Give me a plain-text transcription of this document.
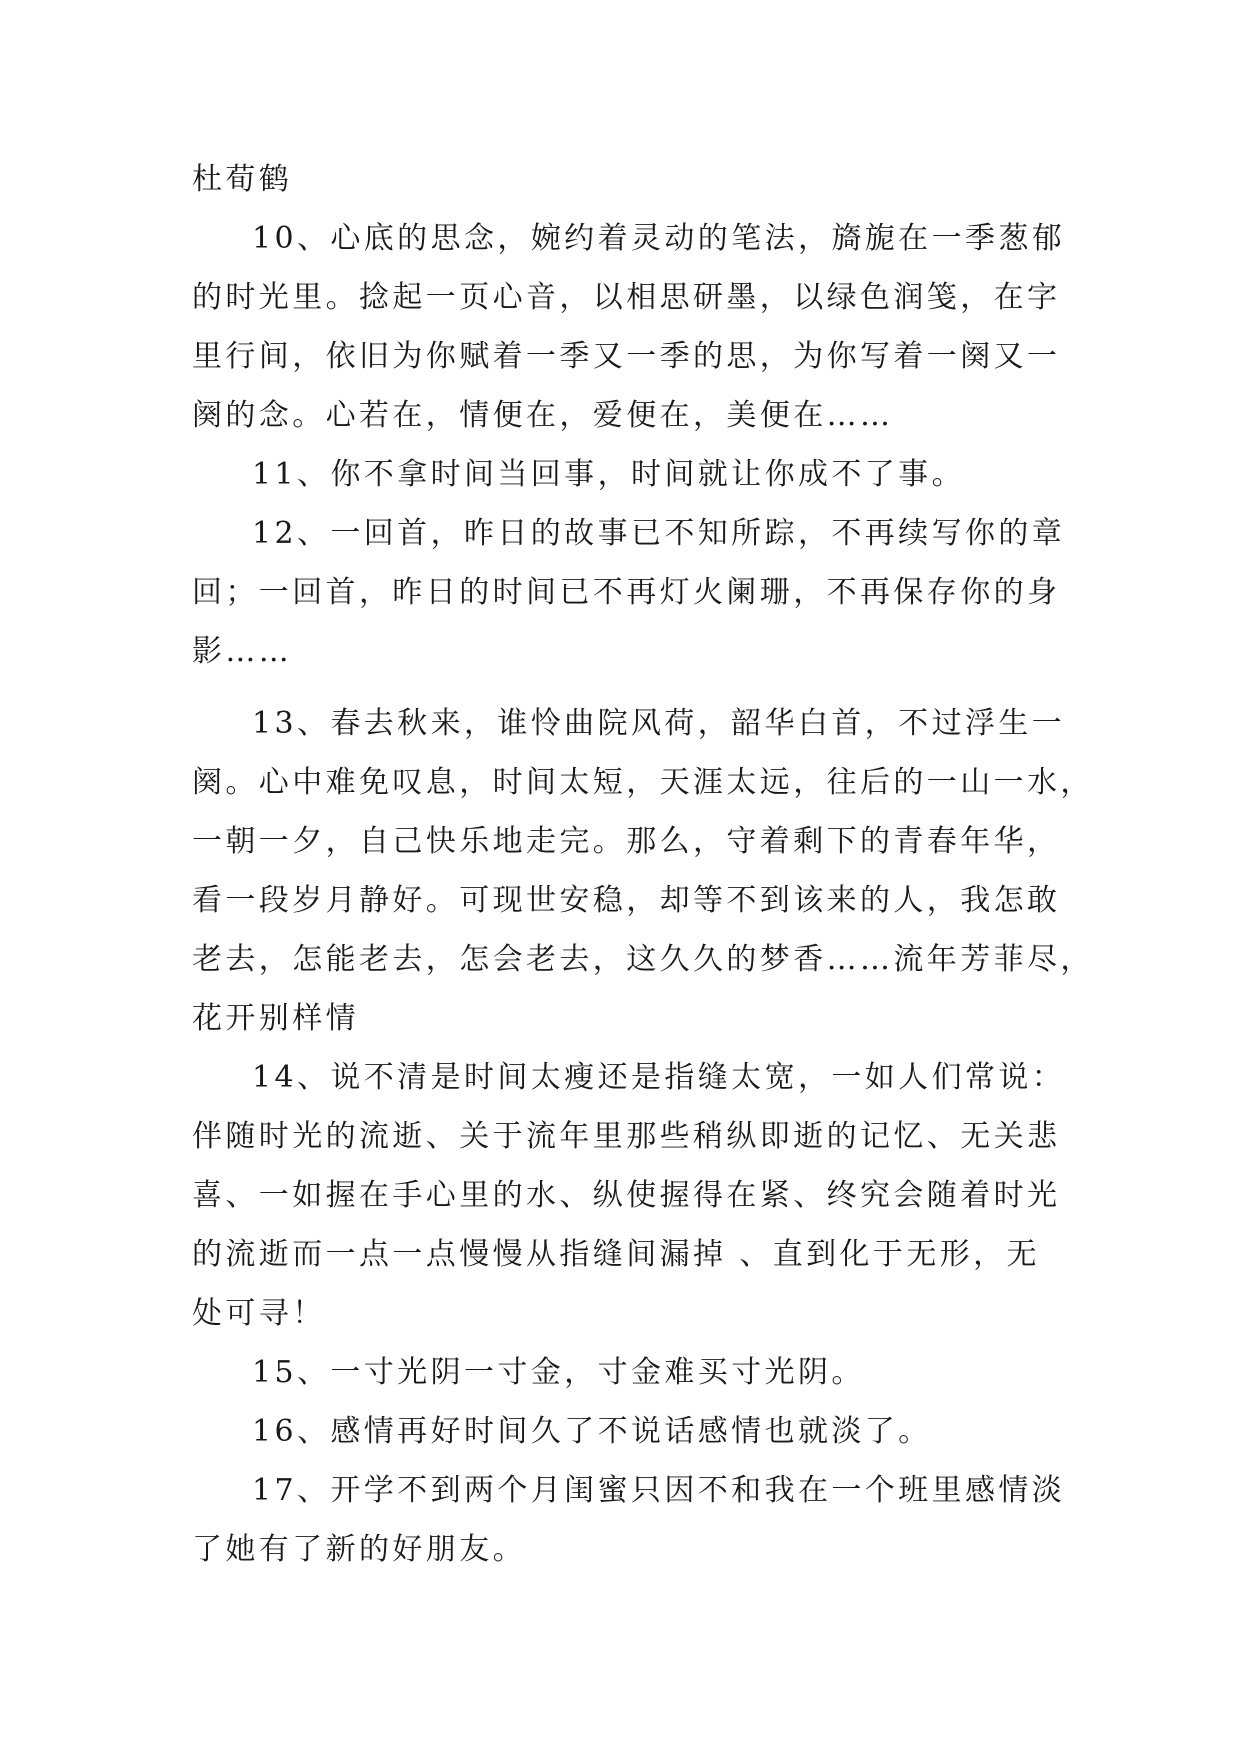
杜荀鹤
10、心底的思念，婉约着灵动的笔法，旖旎在一季葱郁
的时光里。捻起一页心音，以相思研墨，以绿色润笺，在字
里行间，依旧为你赋着一季又一季的思，为你写着一阕又一
阕的念。心若在，情便在，爱便在，美便在……
11、你不拿时间当回事，时间就让你成不了事。
12、一回首，昨日的故事已不知所踪，不再续写你的章
回；一回首，昨日的时间已不再灯火阑珊，不再保存你的身
影……
13、春去秋来，谁怜曲院风荷，韶华白首，不过浮生一
阕。心中难免叹息，时间太短，天涯太远，往后的一山一水，
一朝一夕，自己快乐地走完。那么，守着剩下的青春年华，
看一段岁月静好。可现世安稳，却等不到该来的人，我怎敢
老去，怎能老去，怎会老去，这久久的梦香……流年芳菲尽，
花开别样情
14、说不清是时间太瘦还是指缝太宽，一如人们常说：
伴随时光的流逝、关于流年里那些稍纵即逝的记忆、无关悲
喜、一如握在手心里的水、纵使握得在紧、终究会随着时光
的流逝而一点一点慢慢从指缝间漏掉 、直到化于无形，无
处可寻！
15、一寸光阴一寸金，寸金难买寸光阴。
16、感情再好时间久了不说话感情也就淡了。
17、开学不到两个月闺蜜只因不和我在一个班里感情淡
了她有了新的好朋友。
